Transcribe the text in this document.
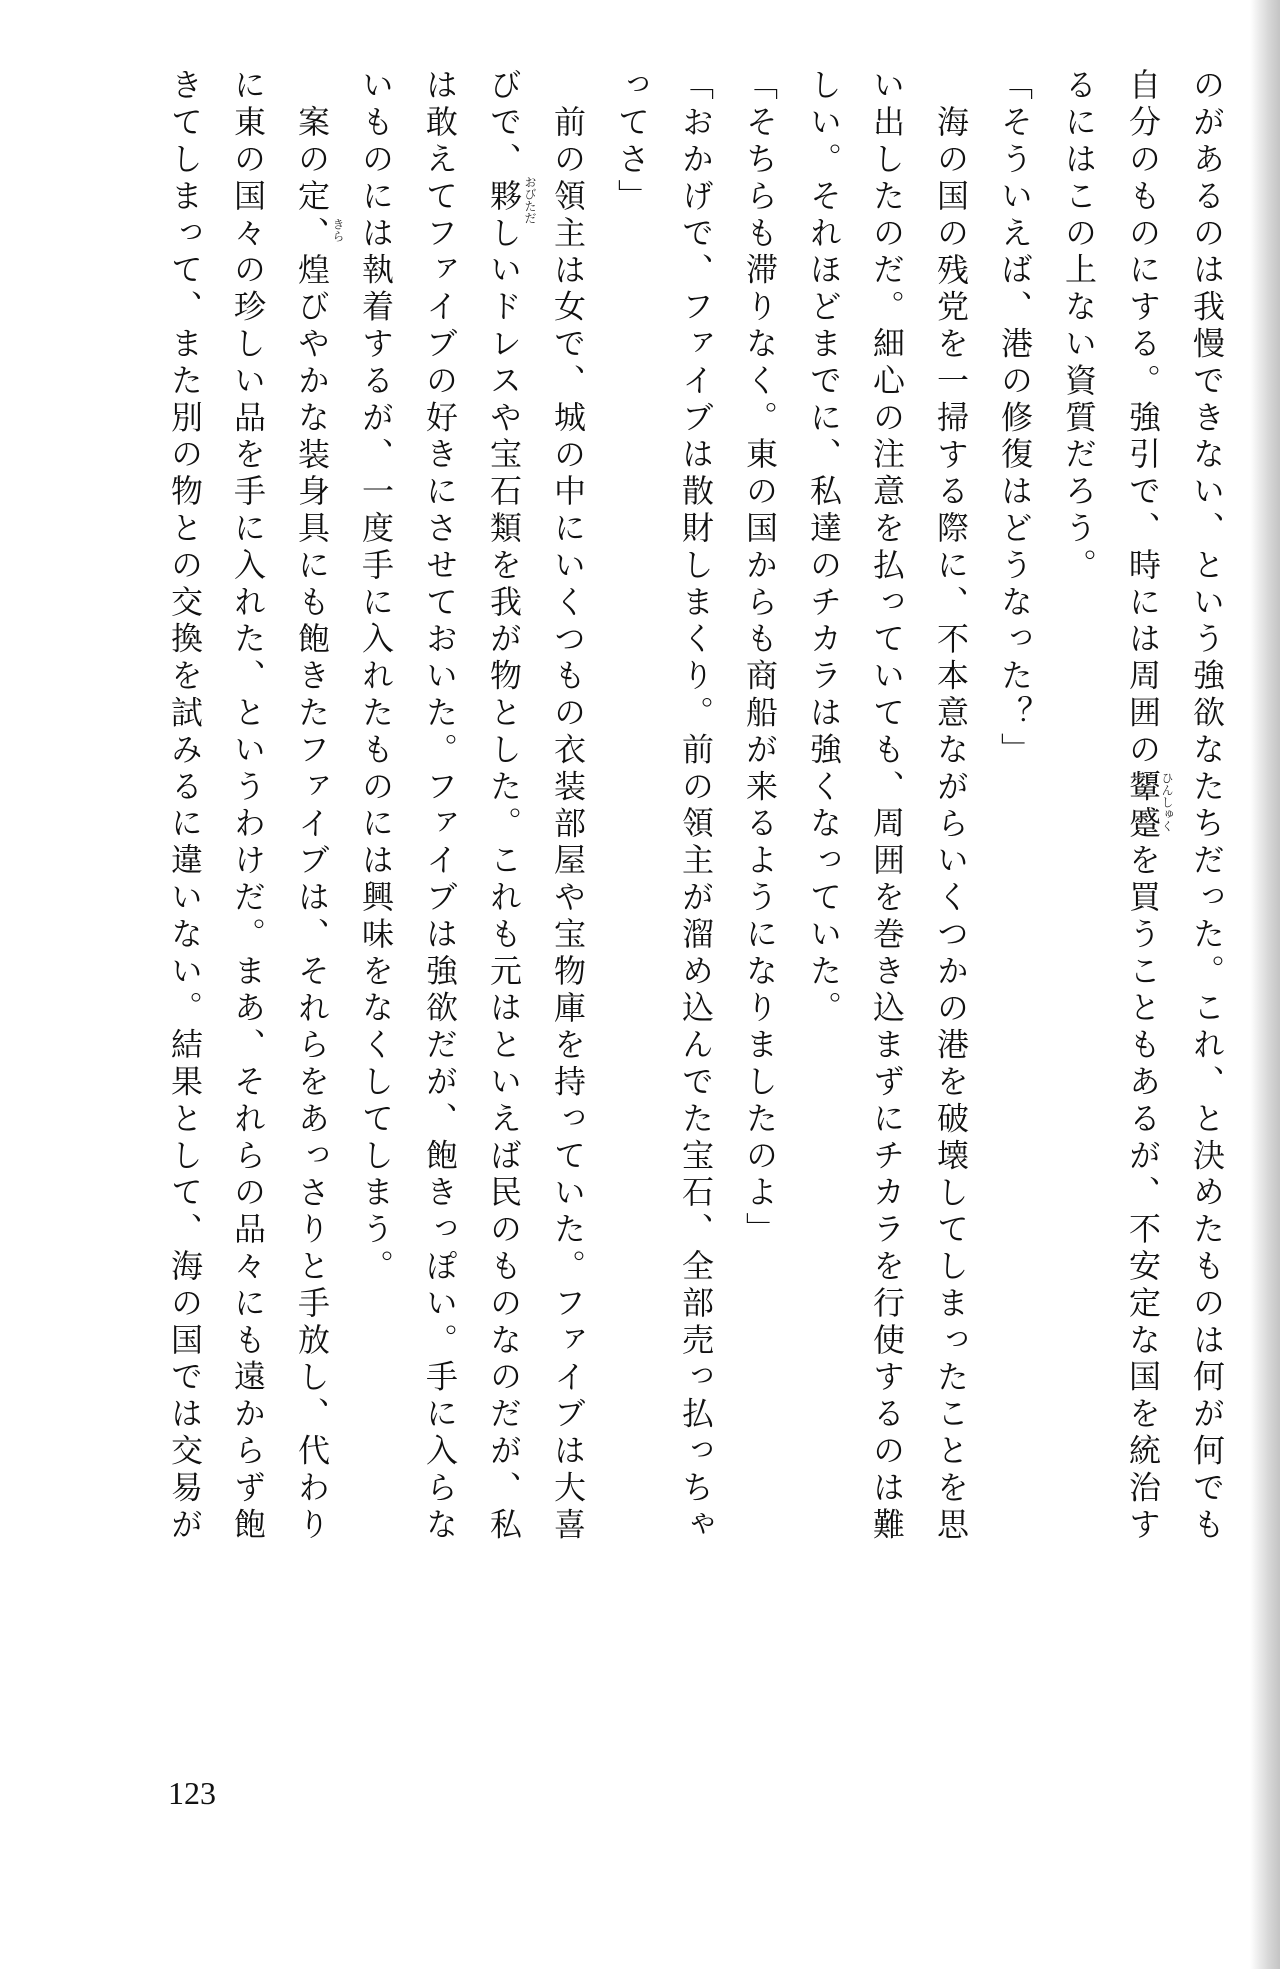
のがあるのは我慢できない、という強欲なたちだった。これ、と決めたものは何が何でも
自分のものにする。強引で、時には周囲の顰蹙を買うこともあるが、不安定な国を統治す
るにはこの上ない資質だろう。
「そういえば、港の修復はどうなった？」
海の国の残党を一掃する際に、不本意ながらいくつかの港を破壊してしまったことを思
い出したのだ。細心の注意を払っていても、周囲を巻き込まずにチカラを行使するのは難
しい。それほどまでに、私達のチカラは強くなっていた。
「そちらも滞りなく。東の国からも商船が来るようになりましたのよ」
「おかげで、ファイブは散財しまくり。前の領主が溜め込んでた宝石、全部売っ払っちゃ
ってさ」
前の領主は女で、城の中にいくつもの衣装部屋や宝物庫を持っていた。ファイブは大喜
びで、夥しいドレスや宝石類を我が物とした。これも元はといえば民のものなのだが、私
は敢えてファイブの好きにさせておいた。ファイブは強欲だが、飽きっぽい。手に入らな
いものには執着するが、一度手に入れたものには興味をなくしてしまう。
案の定、煌びやかな装身具にも飽きたファイブは、それらをあっさりと手放し、代わり
に東の国々の珍しい品を手に入れた、というわけだ。まあ、それらの品々にも遠からず飽
きてしまって、また別の物との交換を試みるに違いない。結果として、海の国では交易が	ひんしゅく
おびただ
きら
123
